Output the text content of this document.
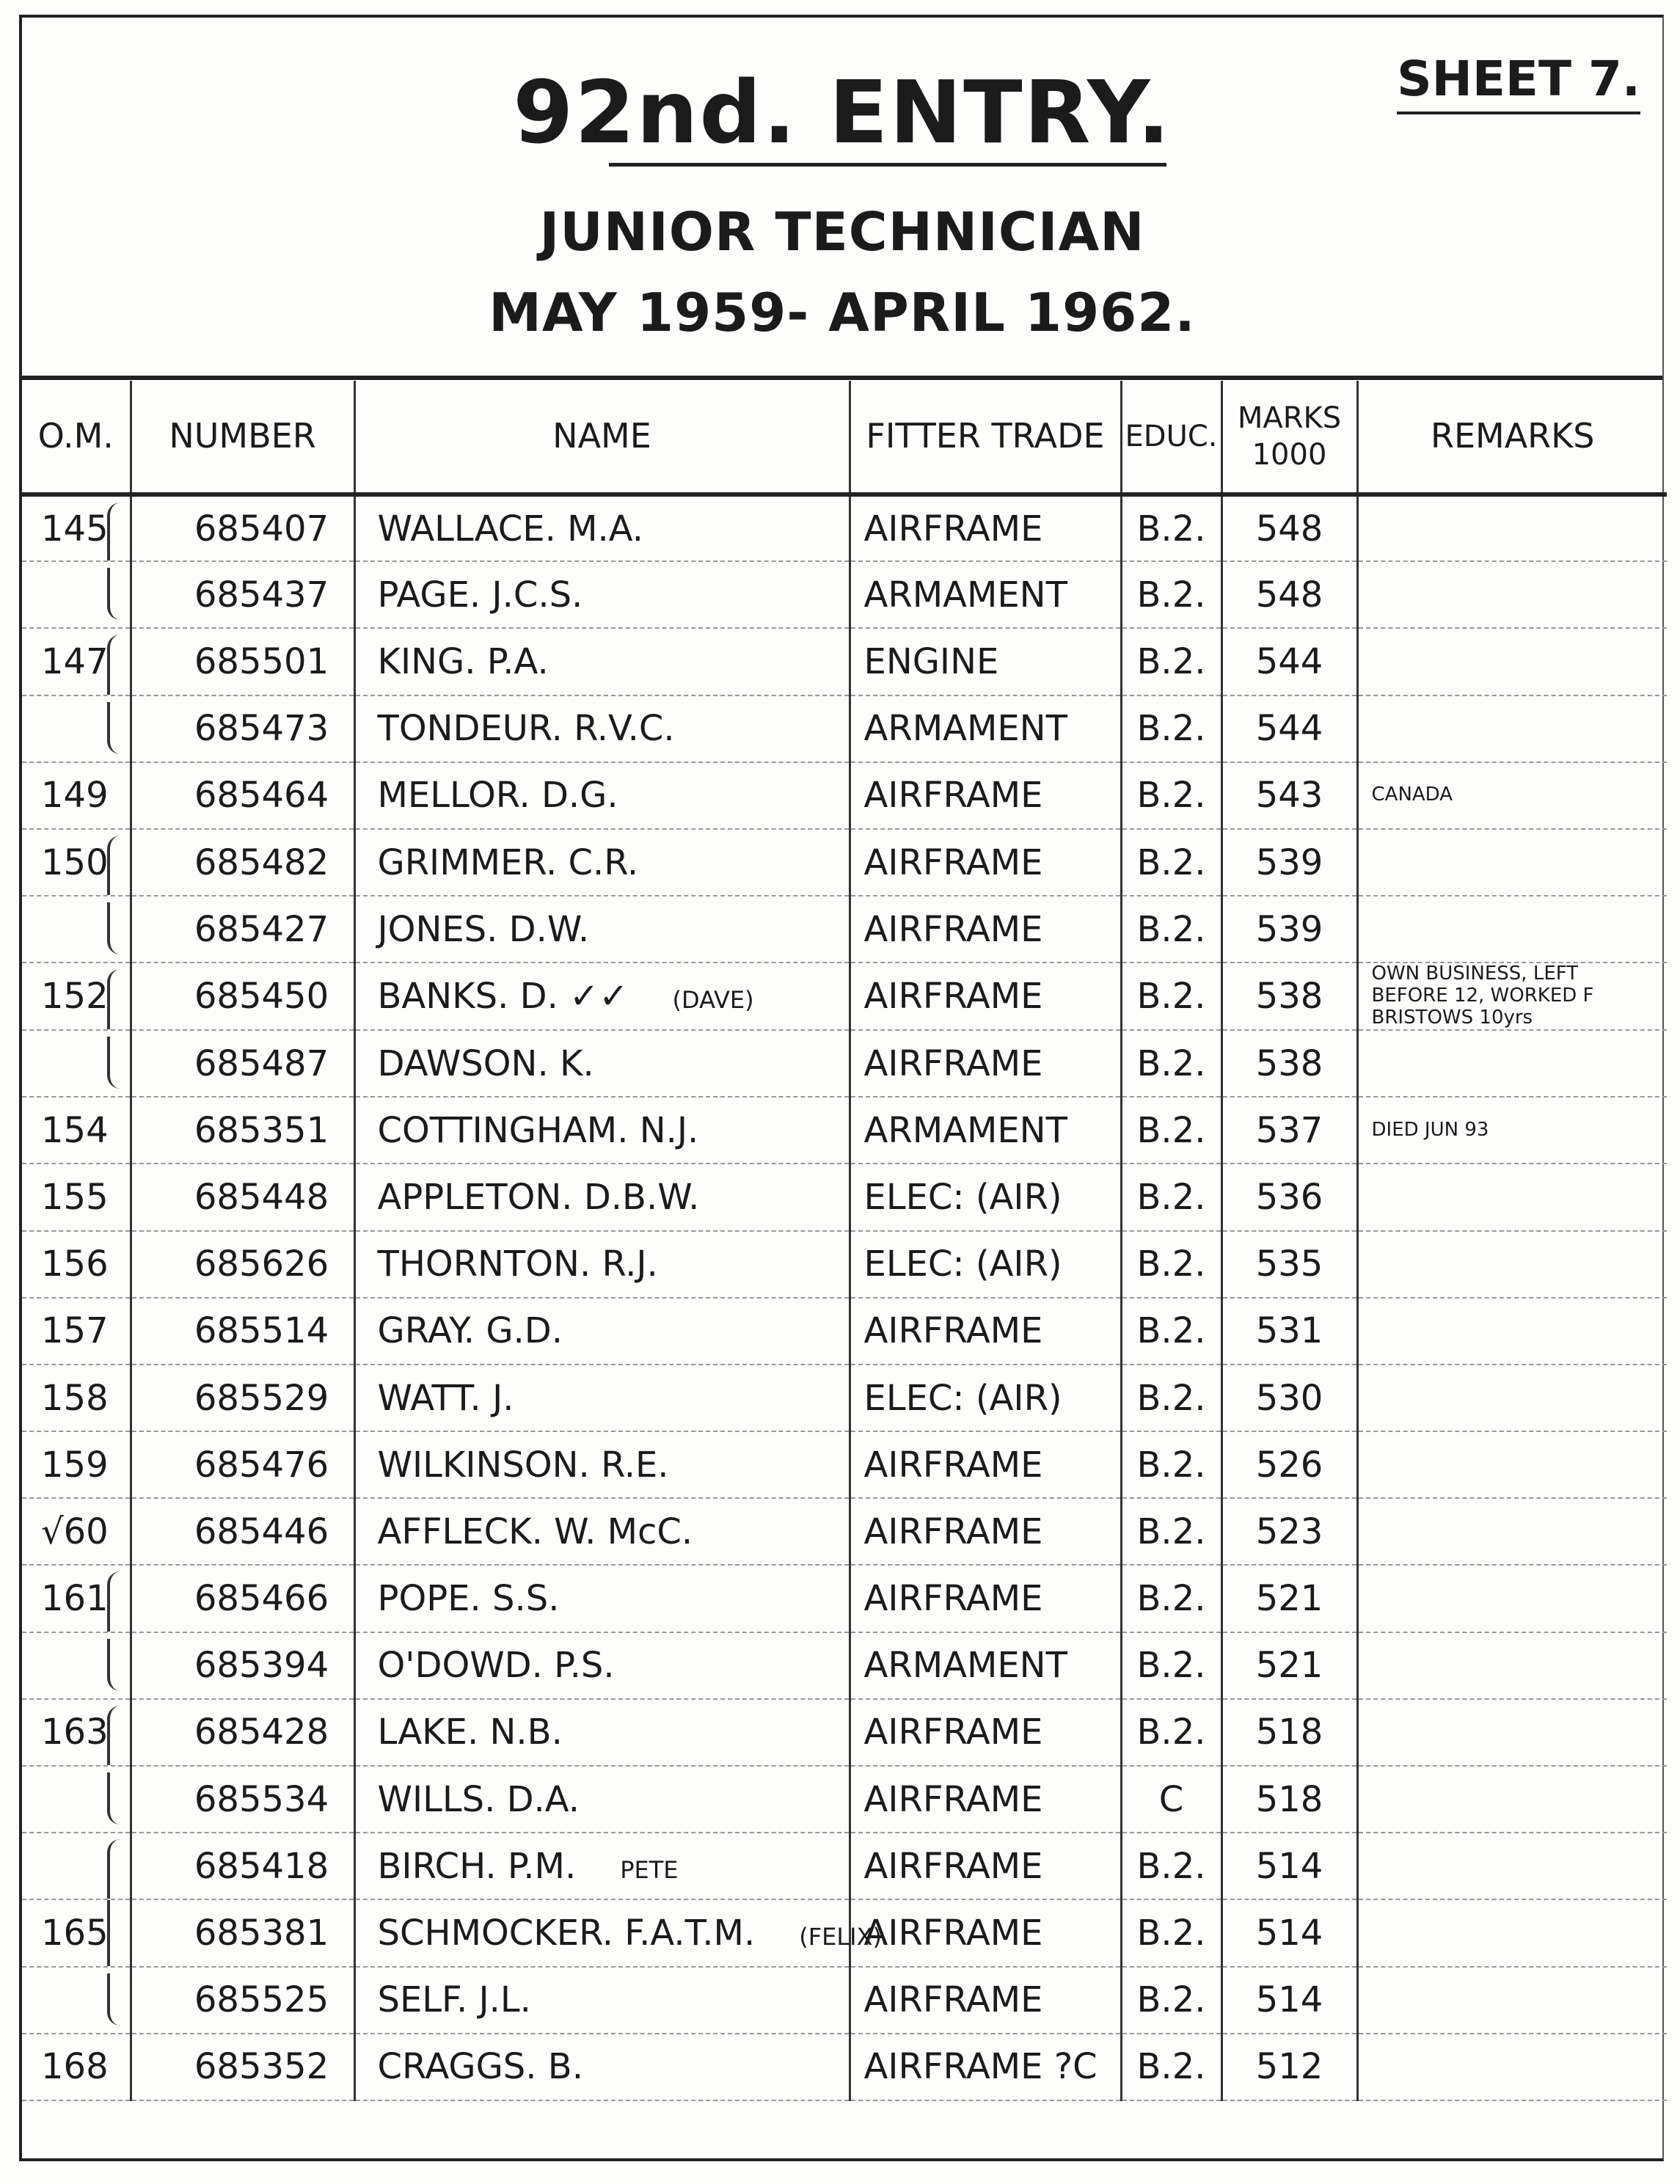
92nd. ENTRY.	SHEET 7.
JUNIOR TECHNICIAN
MAY 1959- APRIL 1962.
O.M.	NUMBER	NAME	FITTER TRADE	EDUC.	MARKS 1000	REMARKS
145	685407	WALLACE. M.A.	AIRFRAME	B.2.	548	

	685437	PAGE. J.C.S.	ARMAMENT	B.2.	548	
147	685501	KING. P.A.	ENGINE	B.2.	544	

	685473	TONDEUR. R.V.C.	ARMAMENT	B.2.	544	
149	685464	MELLOR. D.G.	AIRFRAME	B.2.	543	CANADA
150	685482	GRIMMER. C.R.	AIRFRAME	B.2.	539	

	685427	JONES. D.W.	AIRFRAME	B.2.	539	
152	685450	BANKS. D. ✓✓ (DAVE)	AIRFRAME	B.2.	538	OWN BUSINESS, LEFT BEFORE 12, WORKED F BRISTOWS 10yrs

	685487	DAWSON. K.	AIRFRAME	B.2.	538	
154	685351	COTTINGHAM. N.J.	ARMAMENT	B.2.	537	DIED JUN 93
155	685448	APPLETON. D.B.W.	ELEC: (AIR)	B.2.	536	
156	685626	THORNTON. R.J.	ELEC: (AIR)	B.2.	535	
157	685514	GRAY. G.D.	AIRFRAME	B.2.	531	
158	685529	WATT. J.	ELEC: (AIR)	B.2.	530	
159	685476	WILKINSON. R.E.	AIRFRAME	B.2.	526	
√60	685446	AFFLECK. W. McC.	AIRFRAME	B.2.	523	
161	685466	POPE. S.S.	AIRFRAME	B.2.	521	

	685394	O'DOWD. P.S.	ARMAMENT	B.2.	521	
163	685428	LAKE. N.B.	AIRFRAME	B.2.	518	

	685534	WILLS. D.A.	AIRFRAME	C	518	

	685418	BIRCH. P.M. PETE	AIRFRAME	B.2.	514	
165	685381	SCHMOCKER. F.A.T.M. (FELIX)	AIRFRAME	B.2.	514	

	685525	SELF. J.L.	AIRFRAME	B.2.	514	
168	685352	CRAGGS. B.	AIRFRAME ?C	B.2.	512	
